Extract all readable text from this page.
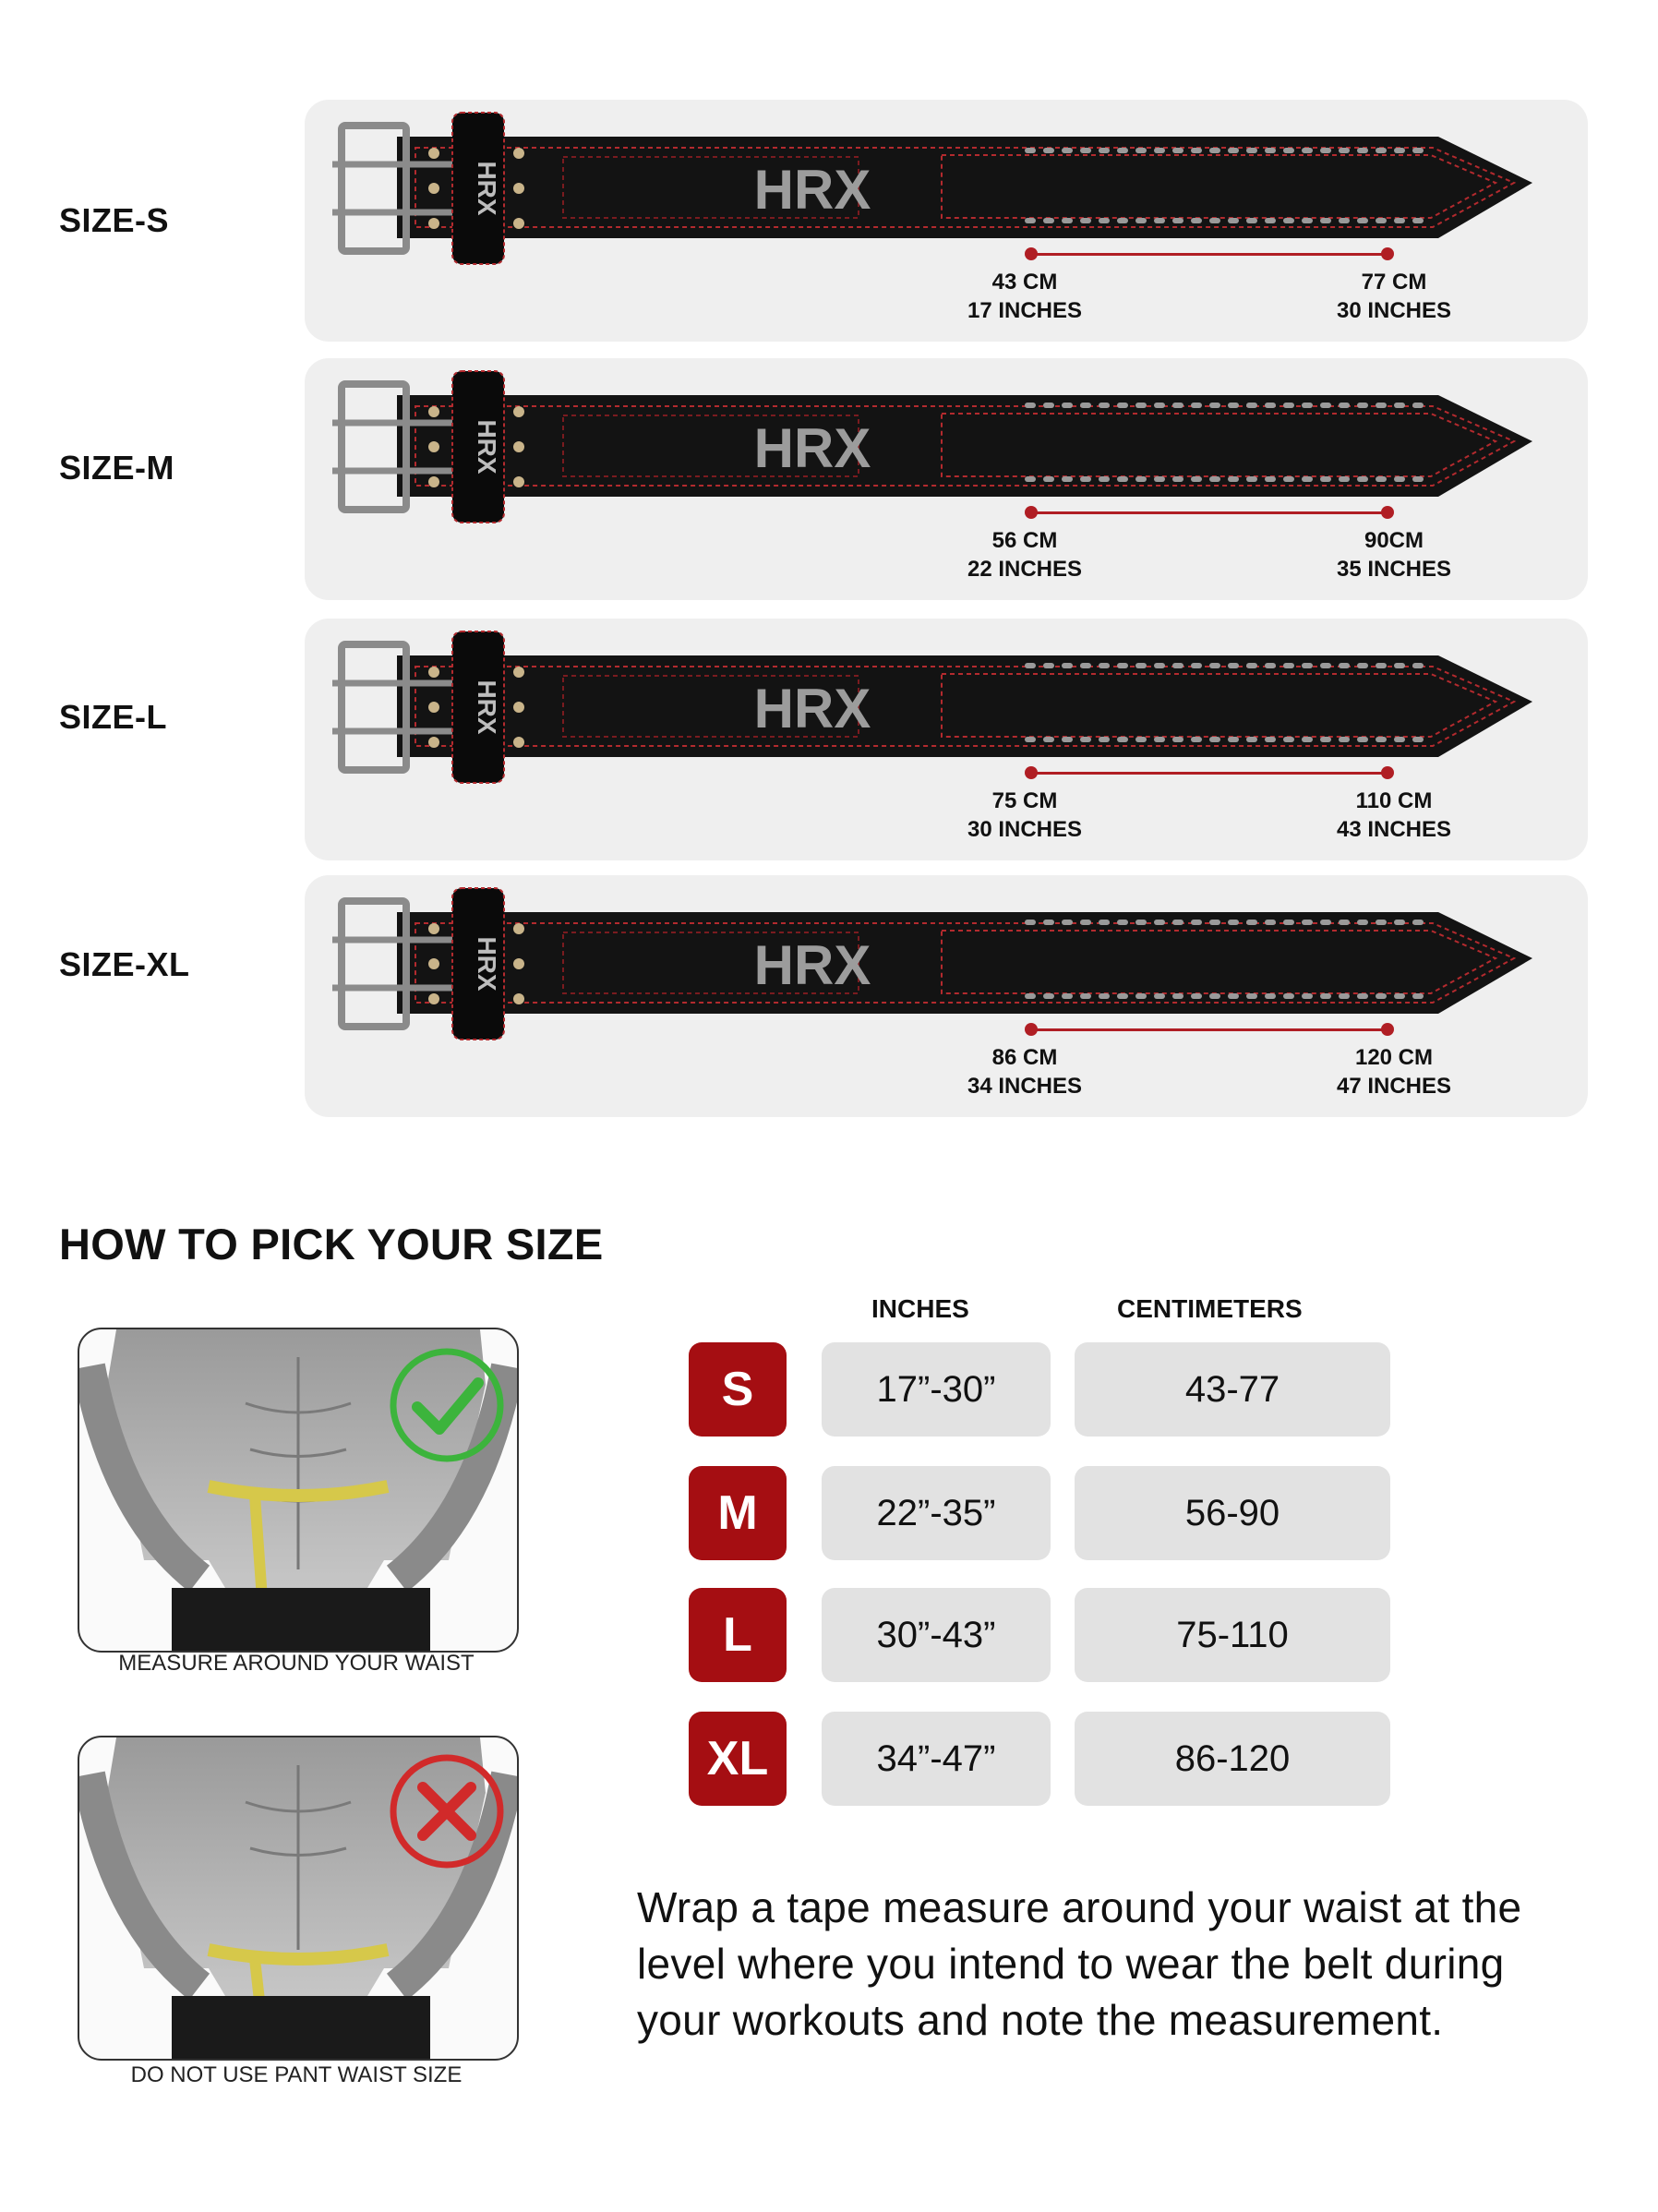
SIZE-S
HRX	HRX
43 CM
17 INCHES
77 CM
30 INCHES
SIZE-M	HRX	HRX
56 CM
22 INCHES
90CM
35 INCHES
SIZE-L	HRX	HRX
75 CM
30 INCHES
110 CM
43 INCHES
SIZE-XL	HRX	HRX
86 CM
34 INCHES
120 CM
47 INCHES
HOW TO PICK YOUR SIZE
MEASURE AROUND YOUR WAIST
DO NOT USE PANT WAIST SIZE
INCHES	CENTIMETERS
S	17”-30”	43-77
M	22”-35”	56-90
L	30”-43”	75-110
XL	34”-47”	86-120
Wrap a tape measure around your waist at the level where you intend to wear the belt during your workouts and note the measurement.
